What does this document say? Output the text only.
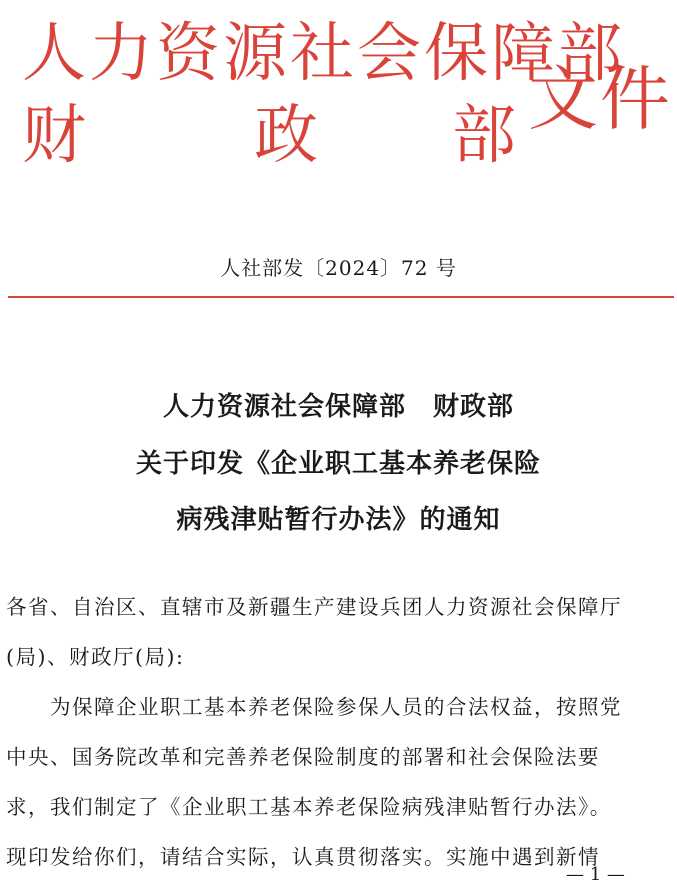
人力资源社会保障部
财	政 部 文件
人社部发〔2024〕72 号
人力资源社会保障部　财政部
关于印发《企业职工基本养老保险
病残津贴暂行办法》的通知
各省、自治区、直辖市及新疆生产建设兵团人力资源社会保障厅
(局)、财政厅(局):
为保障企业职工基本养老保险参保人员的合法权益，按照党
中央、国务院改革和完善养老保险制度的部署和社会保险法要
求，我们制定了《企业职工基本养老保险病残津贴暂行办法》。
现印发给你们，请结合实际，认真贯彻落实。实施中遇到新情
— 1 —
